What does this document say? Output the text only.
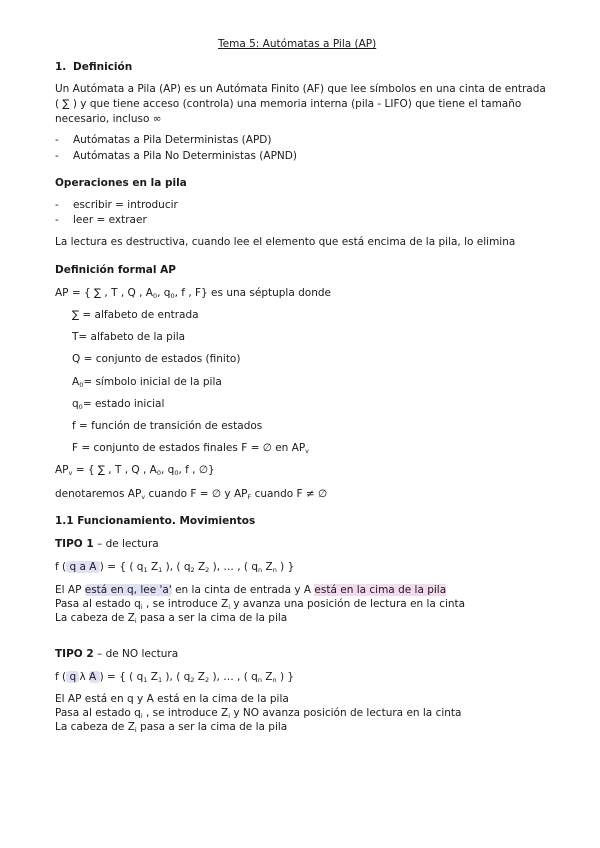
Tema 5: Autómatas a Pila (AP)
1. Definición
Un Autómata a Pila (AP) es un Autómata Finito (AF) que lee símbolos en una cinta de entrada
( ∑ ) y que tiene acceso (controla) una memoria interna (pila - LIFO) que tiene el tamaño
necesario, incluso ∞
- Autómatas a Pila Deterministas (APD)
- Autómatas a Pila No Deterministas (APND)
Operaciones en la pila
- escribir = introducir
- leer = extraer
La lectura es destructiva, cuando lee el elemento que está encima de la pila, lo elimina
Definición formal AP
AP = { ∑ , T , Q , $A_0$, $q_0$, f , F} es una séptupla donde
∑ = alfabeto de entrada
T= alfabeto de la pila
Q = conjunto de estados (finito)
$A_0=$ símbolo inicial de la pila
$q_0=$ estado inicial
f = función de transición de estados
F = conjunto de estados finales F = ∅ en $AP_v$
$AP_v$ = { ∑ , T , Q , $A_0$, $q_0$, f , ∅}
denotaremos $AP_v$ cuando F = ∅ y $AP_F$ cuando F ≠ ∅
1.1 Funcionamiento. Movimientos
TIPO 1 – de lectura
f ( q a A ) = { ( $q_1$ $Z_1$ ), ( $q_2$ $Z_2$ ), … , ( $q_n$ $Z_n$ ) }
El AP está en q, lee 'a' en la cinta de entrada y A está en la cima de la pila
Pasa al estado $q_i$ , se introduce $Z_i$ y avanza una posición de lectura en la cinta
La cabeza de $Z_i$ pasa a ser la cima de la pila
TIPO 2 – de NO lectura
f ( q λ A ) = { ( $q_1$ $Z_1$ ), ( $q_2$ $Z_2$ ), … , ( $q_n$ $Z_n$ ) }
El AP está en q y A está en la cima de la pila
Pasa al estado $q_i$ , se introduce $Z_i$ y NO avanza posición de lectura en la cinta
La cabeza de $Z_i$ pasa a ser la cima de la pila
